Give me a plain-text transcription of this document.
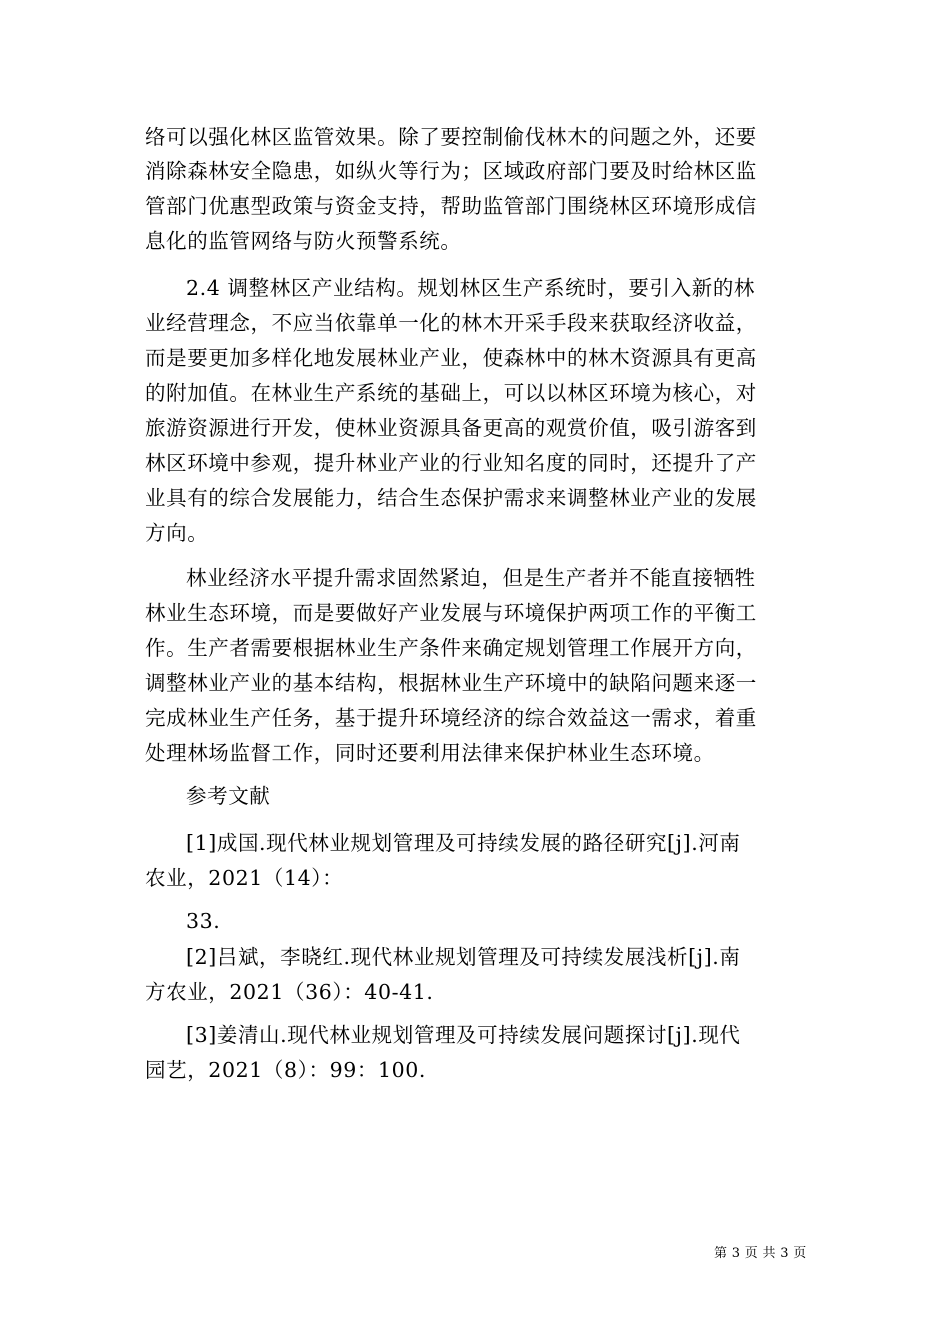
络可以强化林区监管效果。除了要控制偷伐林木的问题之外，还要
消除森林安全隐患，如纵火等行为；区域政府部门要及时给林区监
管部门优惠型政策与资金支持，帮助监管部门围绕林区环境形成信
息化的监管网络与防火预警系统。
2.4 调整林区产业结构。规划林区生产系统时，要引入新的林
业经营理念，不应当依靠单一化的林木开采手段来获取经济收益，
而是要更加多样化地发展林业产业，使森林中的林木资源具有更高
的附加值。在林业生产系统的基础上，可以以林区环境为核心，对
旅游资源进行开发，使林业资源具备更高的观赏价值，吸引游客到
林区环境中参观，提升林业产业的行业知名度的同时，还提升了产
业具有的综合发展能力，结合生态保护需求来调整林业产业的发展
方向。
林业经济水平提升需求固然紧迫，但是生产者并不能直接牺牲
林业生态环境，而是要做好产业发展与环境保护两项工作的平衡工
作。生产者需要根据林业生产条件来确定规划管理工作展开方向，
调整林业产业的基本结构，根据林业生产环境中的缺陷问题来逐一
完成林业生产任务，基于提升环境经济的综合效益这一需求，着重
处理林场监督工作，同时还要利用法律来保护林业生态环境。
参考文献
[1]成国.现代林业规划管理及可持续发展的路径研究[j].河南
农业，2021（14）：
33.
[2]吕斌，李晓红.现代林业规划管理及可持续发展浅析[j].南
方农业，2021（36）：40-41.
[3]姜清山.现代林业规划管理及可持续发展问题探讨[j].现代
园艺，2021（8）：99：100.
第 3 页 共 3 页
